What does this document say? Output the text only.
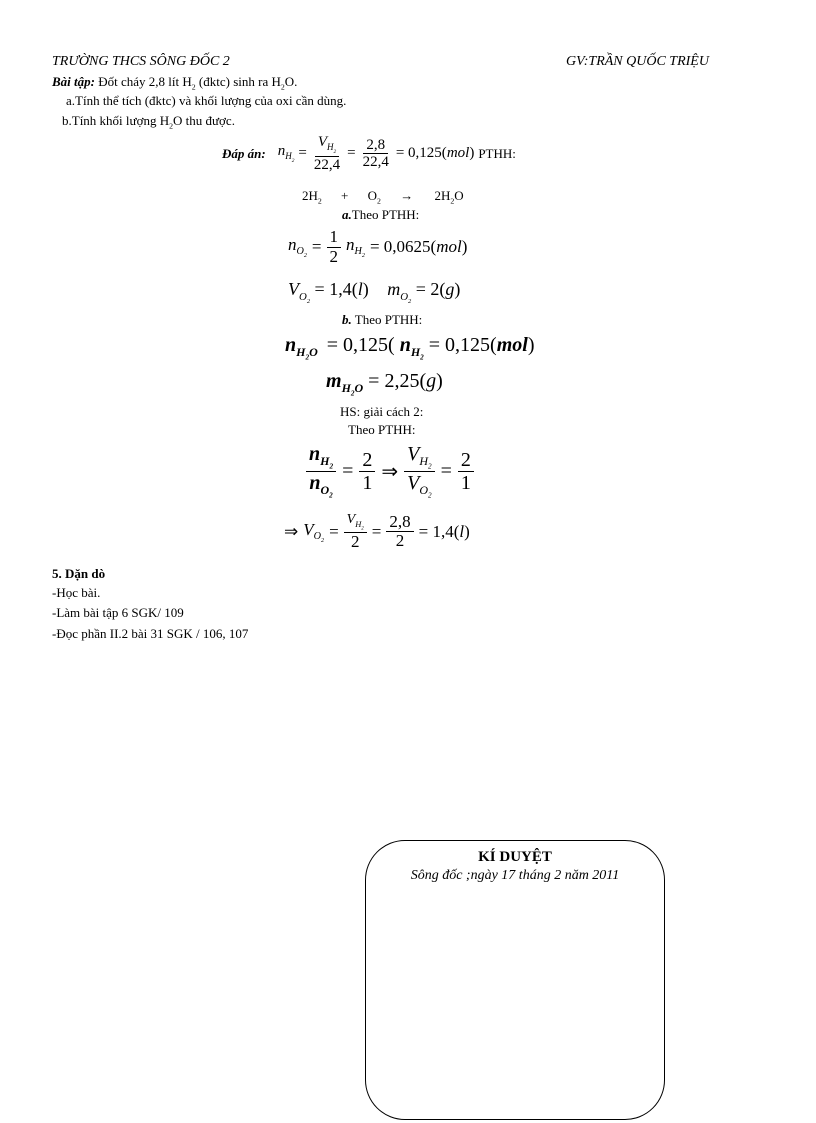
TRƯỜNG THCS SÔNG ĐỐC 2	GV:TRẦN QUỐC TRIỆU
Bài tập: Đốt cháy 2,8 lít $H_2$ (đktc) sinh ra $H_2O$.
a.Tính thể tích (đktc) và khối lượng của oxi cần dùng.
b.Tính khối lượng $H_2O$ thu được.
Đáp án: $n_{H_2} = \frac{V_{H_2}}{22,4} = \frac{2,8}{22,4} = 0,125$( mol ) PTHH:
$2H_2 + O_2 \to 2H_2O$
a.Theo PTHH:
$n_{O_2}$
= $\frac{1}{2} n_{H_2}$
= 0,0625( mol )
$V_{O_2} = 1,4(l) m_{O_2} = 2(g)$
b. Theo PTHH:
$n_{H_2O} = 0,125$( $n_{H_2} = 0,125(mol)$
$m_{H_2O} = 2,25(g)$
HS: giải cách 2:
Theo PTHH:
$\frac{n_{H_2}}{n_{O_2}} = \frac{2}{1}$ ⇒ $\frac{V_{H_2}}{V_{O_2}} = \frac{2}{1}$
⇒ $V_{O_2}$
= $\frac{V_{H_2}}{2} = \frac{2,8}{2} = 1,4$( l )
5. Dặn dò
-Học bài.
-Làm bài tập 6 SGK/ 109
-Đọc phần II.2 bài 31 SGK / 106, 107
KÍ DUYỆT
Sông đốc ;ngày 17 tháng 2 năm 2011
